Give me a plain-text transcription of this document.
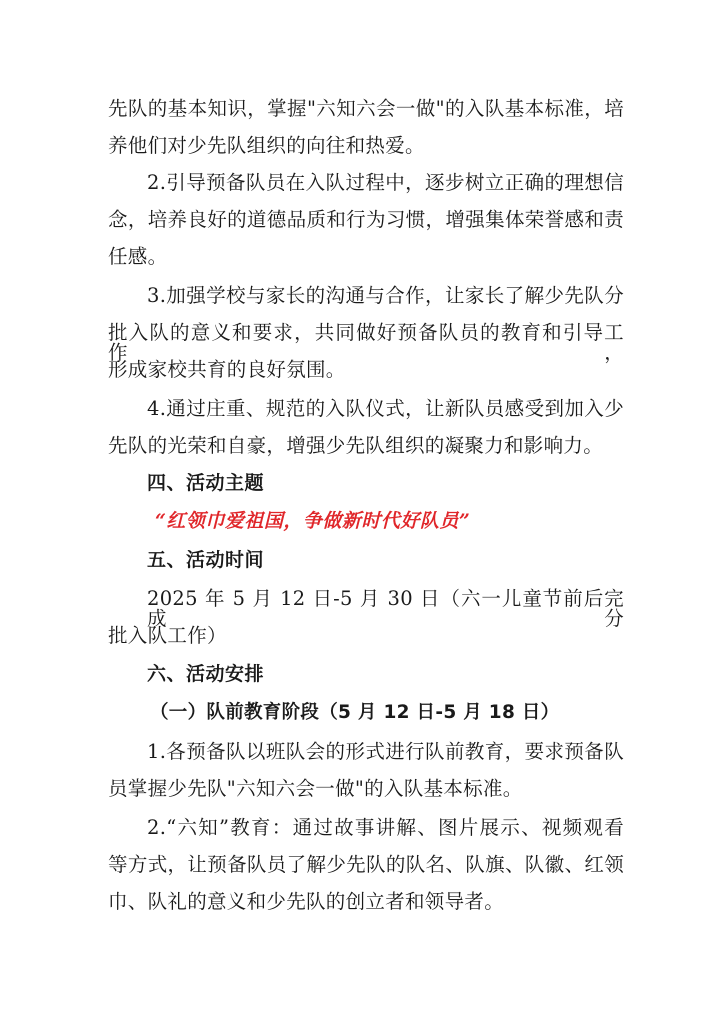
先队的基本知识，掌握"六知六会一做"的入队基本标准，培
养他们对少先队组织的向往和热爱。
2.引导预备队员在入队过程中，逐步树立正确的理想信
念，培养良好的道德品质和行为习惯，增强集体荣誉感和责
任感。
3.加强学校与家长的沟通与合作，让家长了解少先队分
批入队的意义和要求，共同做好预备队员的教育和引导工作，
形成家校共育的良好氛围。
4.通过庄重、规范的入队仪式，让新队员感受到加入少
先队的光荣和自豪，增强少先队组织的凝聚力和影响力。
四、活动主题
“红领巾爱祖国，争做新时代好队员”
五、活动时间
2025 年 5 月 12 日-5 月 30 日（六一儿童节前后完成分
批入队工作）
六、活动安排
（一）队前教育阶段（5 月 12 日-5 月 18 日）
1.各预备队以班队会的形式进行队前教育，要求预备队
员掌握少先队"六知六会一做"的入队基本标准。
2.“六知”教育：通过故事讲解、图片展示、视频观看
等方式，让预备队员了解少先队的队名、队旗、队徽、红领
巾、队礼的意义和少先队的创立者和领导者。
